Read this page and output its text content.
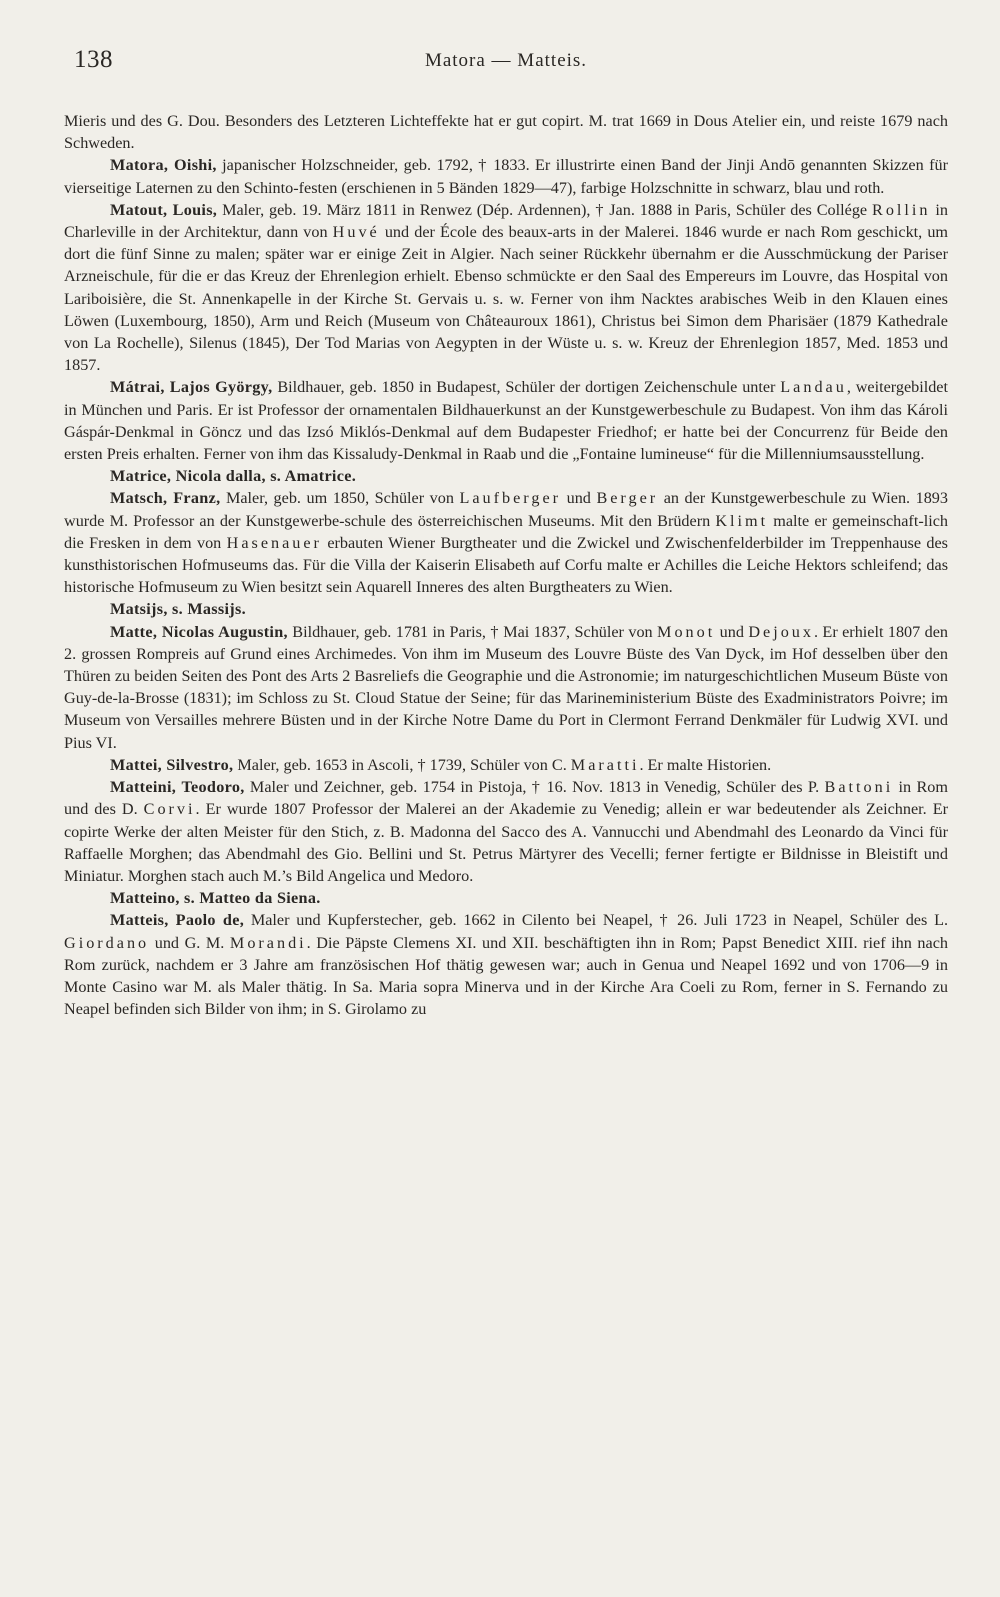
138	Matora — Matteis.

Mieris und des G. Dou. Besonders des Letzteren Lichteffekte hat er gut copirt. M. trat 1669 in Dous Atelier ein, und reiste 1679 nach Schweden.

Matora, Oishi, japanischer Holzschneider, geb. 1792, † 1833. Er illustrirte einen Band der Jinji Andō genannten Skizzen für vierseitige Laternen zu den Schinto-festen (erschienen in 5 Bänden 1829—47), farbige Holzschnitte in schwarz, blau und roth.

Matout, Louis, Maler, geb. 19. März 1811 in Renwez (Dép. Ardennen), † Jan. 1888 in Paris, Schüler des Collége Rollin in Charleville in der Architektur, dann von Huvé und der École des beaux-arts in der Malerei. 1846 wurde er nach Rom geschickt, um dort die fünf Sinne zu malen; später war er einige Zeit in Algier. Nach seiner Rückkehr übernahm er die Ausschmückung der Pariser Arzneischule, für die er das Kreuz der Ehrenlegion erhielt. Ebenso schmückte er den Saal des Empereurs im Louvre, das Hospital von Lariboisière, die St. Annenkapelle in der Kirche St. Gervais u. s. w. Ferner von ihm Nacktes arabisches Weib in den Klauen eines Löwen (Luxembourg, 1850), Arm und Reich (Museum von Châteauroux 1861), Christus bei Simon dem Pharisäer (1879 Kathedrale von La Rochelle), Silenus (1845), Der Tod Marias von Aegypten in der Wüste u. s. w. Kreuz der Ehrenlegion 1857, Med. 1853 und 1857.

Mátrai, Lajos György, Bildhauer, geb. 1850 in Budapest, Schüler der dortigen Zeichenschule unter Landau, weitergebildet in München und Paris. Er ist Professor der ornamentalen Bildhauerkunst an der Kunstgewerbeschule zu Budapest. Von ihm das Károli Gáspár-Denkmal in Göncz und das Izsó Miklós-Denkmal auf dem Budapester Friedhof; er hatte bei der Concurrenz für Beide den ersten Preis erhalten. Ferner von ihm das Kissaludy-Denkmal in Raab und die „Fontaine lumineuse“ für die Millenniumsausstellung.

Matrice, Nicola dalla, s. Amatrice.

Matsch, Franz, Maler, geb. um 1850, Schüler von Laufberger und Berger an der Kunstgewerbeschule zu Wien. 1893 wurde M. Professor an der Kunstgewerbe-schule des österreichischen Museums. Mit den Brüdern Klimt malte er gemeinschaft-lich die Fresken in dem von Hasenauer erbauten Wiener Burgtheater und die Zwickel und Zwischenfelderbilder im Treppenhause des kunsthistorischen Hofmuseums das. Für die Villa der Kaiserin Elisabeth auf Corfu malte er Achilles die Leiche Hektors schleifend; das historische Hofmuseum zu Wien besitzt sein Aquarell Inneres des alten Burgtheaters zu Wien.

Matsijs, s. Massijs.

Matte, Nicolas Augustin, Bildhauer, geb. 1781 in Paris, † Mai 1837, Schüler von Monot und Dejoux. Er erhielt 1807 den 2. grossen Rompreis auf Grund eines Archimedes. Von ihm im Museum des Louvre Büste des Van Dyck, im Hof desselben über den Thüren zu beiden Seiten des Pont des Arts 2 Basreliefs die Geographie und die Astronomie; im naturgeschichtlichen Museum Büste von Guy-de-la-Brosse (1831); im Schloss zu St. Cloud Statue der Seine; für das Marineministerium Büste des Exadministrators Poivre; im Museum von Versailles mehrere Büsten und in der Kirche Notre Dame du Port in Clermont Ferrand Denkmäler für Ludwig XVI. und Pius VI.

Mattei, Silvestro, Maler, geb. 1653 in Ascoli, † 1739, Schüler von C. Maratti. Er malte Historien.

Matteini, Teodoro, Maler und Zeichner, geb. 1754 in Pistoja, † 16. Nov. 1813 in Venedig, Schüler des P. Battoni in Rom und des D. Corvi. Er wurde 1807 Professor der Malerei an der Akademie zu Venedig; allein er war bedeutender als Zeichner. Er copirte Werke der alten Meister für den Stich, z. B. Madonna del Sacco des A. Vannucchi und Abendmahl des Leonardo da Vinci für Raffaelle Morghen; das Abendmahl des Gio. Bellini und St. Petrus Märtyrer des Vecelli; ferner fertigte er Bildnisse in Bleistift und Miniatur. Morghen stach auch M.’s Bild Angelica und Medoro.

Matteino, s. Matteo da Siena.

Matteis, Paolo de, Maler und Kupferstecher, geb. 1662 in Cilento bei Neapel, † 26. Juli 1723 in Neapel, Schüler des L. Giordano und G. M. Morandi. Die Päpste Clemens XI. und XII. beschäftigten ihn in Rom; Papst Benedict XIII. rief ihn nach Rom zurück, nachdem er 3 Jahre am französischen Hof thätig gewesen war; auch in Genua und Neapel 1692 und von 1706—9 in Monte Casino war M. als Maler thätig. In Sa. Maria sopra Minerva und in der Kirche Ara Coeli zu Rom, ferner in S. Fernando zu Neapel befinden sich Bilder von ihm; in S. Girolamo zu
